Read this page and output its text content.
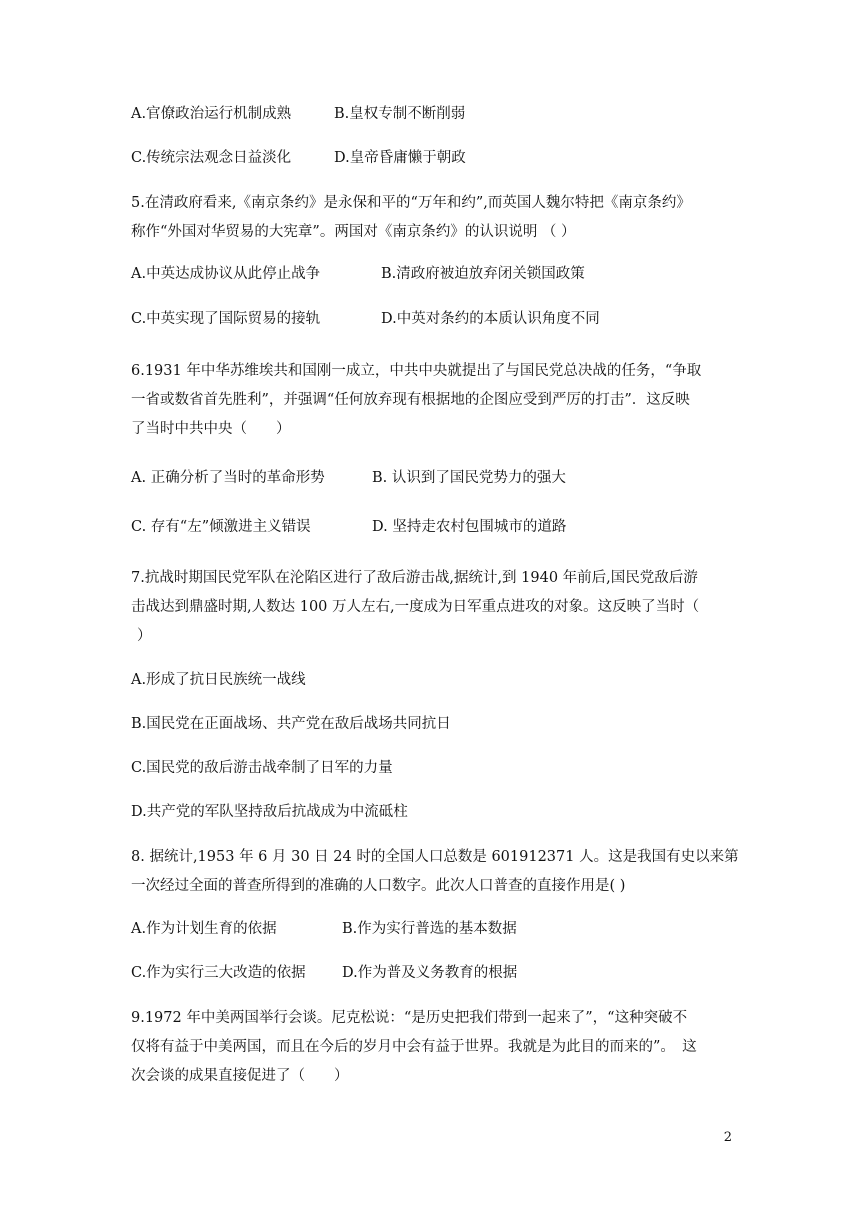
A.官僚政治运行机制成熟	B.皇权专制不断削弱
C.传统宗法观念日益淡化	D.皇帝昏庸懒于朝政
5.在清政府看来,《南京条约》是永保和平的“万年和约”,而英国人魏尔特把《南京条约》
称作“外国对华贸易的大宪章”。两国对《南京条约》的认识说明 （ ）
A.中英达成协议从此停止战争	B.清政府被迫放弃闭关锁国政策
C.中英实现了国际贸易的接轨	D.中英对条约的本质认识角度不同
6.1931 年中华苏维埃共和国刚一成立，中共中央就提出了与国民党总决战的任务，“争取
一省或数省首先胜利”，并强调“任何放弃现有根据地的企图应受到严厉的打击”．这反映
了当时中共中央（　　）
A. 正确分析了当时的革命形势	B. 认识到了国民党势力的强大
C. 存有“左”倾激进主义错误	D. 坚持走农村包围城市的道路
7.抗战时期国民党军队在沦陷区进行了敌后游击战,据统计,到 1940 年前后,国民党敌后游
击战达到鼎盛时期,人数达 100 万人左右,一度成为日军重点进攻的对象。这反映了当时（
）
A.形成了抗日民族统一战线
B.国民党在正面战场、共产党在敌后战场共同抗日
C.国民党的敌后游击战牵制了日军的力量
D.共产党的军队坚持敌后抗战成为中流砥柱
8. 据统计,1953 年 6 月 30 日 24 时的全国人口总数是 601912371 人。这是我国有史以来第
一次经过全面的普查所得到的准确的人口数字。此次人口普查的直接作用是( )
A.作为计划生育的依据	B.作为实行普选的基本数据
C.作为实行三大改造的依据	D.作为普及义务教育的根据
9.1972 年中美两国举行会谈。尼克松说：“是历史把我们带到一起来了”，“这种突破不
仅将有益于中美两国，而且在今后的岁月中会有益于世界。我就是为此目的而来的”。　这
次会谈的成果直接促进了（　　）
2
